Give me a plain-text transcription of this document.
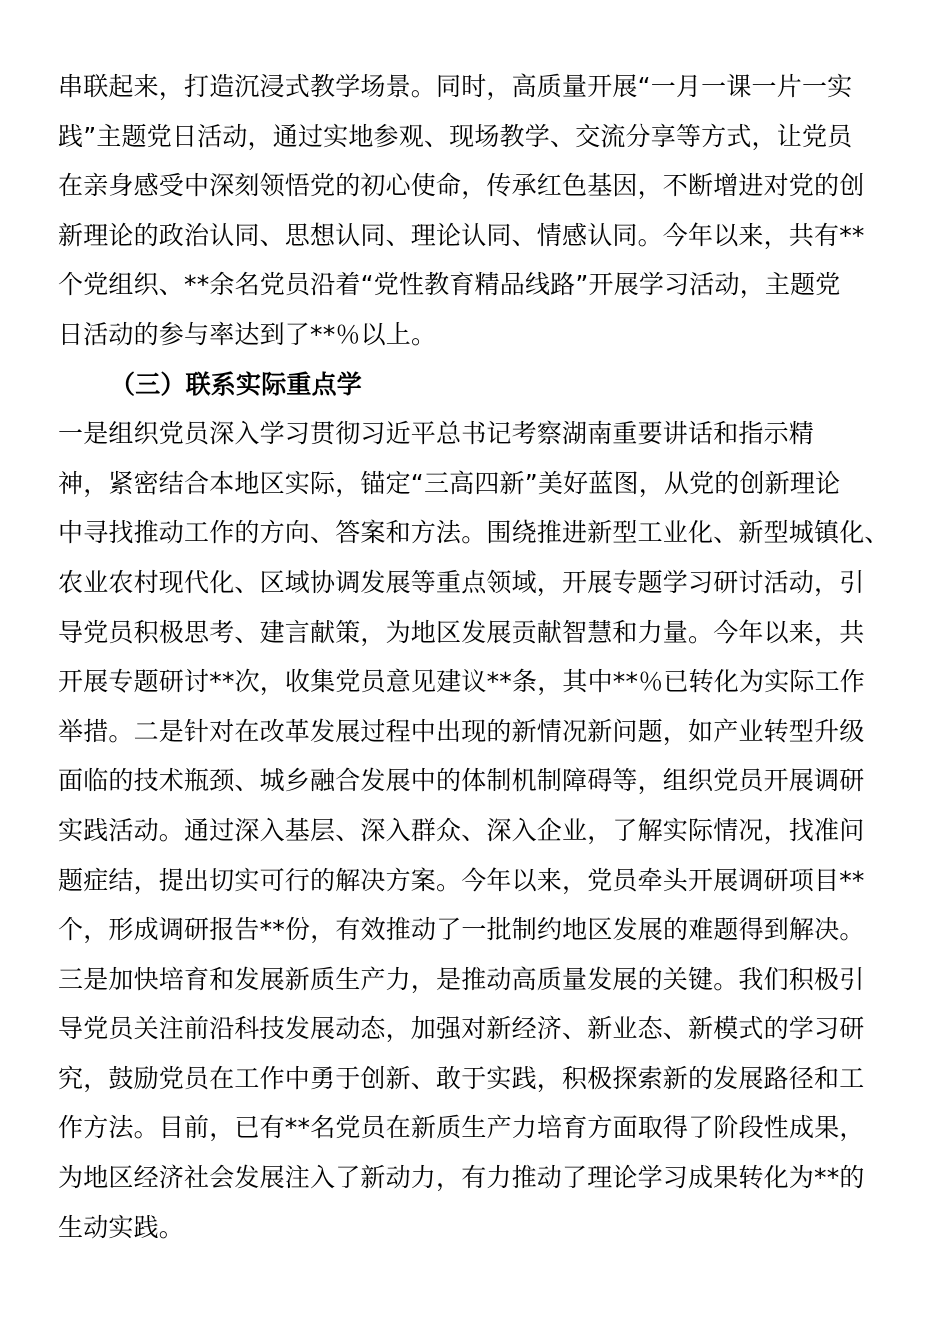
串联起来，打造沉浸式教学场景。同时，高质量开展“一月一课一片一实
践”主题党日活动，通过实地参观、现场教学、交流分享等方式，让党员
在亲身感受中深刻领悟党的初心使命，传承红色基因，不断增进对党的创
新理论的政治认同、思想认同、理论认同、情感认同。今年以来，共有**
个党组织、**余名党员沿着“党性教育精品线路”开展学习活动，主题党
日活动的参与率达到了**％以上。
（三）联系实际重点学
一是组织党员深入学习贯彻习近平总书记考察湖南重要讲话和指示精
神，紧密结合本地区实际，锚定“三高四新”美好蓝图，从党的创新理论
中寻找推动工作的方向、答案和方法。围绕推进新型工业化、新型城镇化、
农业农村现代化、区域协调发展等重点领域，开展专题学习研讨活动，引
导党员积极思考、建言献策，为地区发展贡献智慧和力量。今年以来，共
开展专题研讨**次，收集党员意见建议**条，其中**％已转化为实际工作
举措。二是针对在改革发展过程中出现的新情况新问题，如产业转型升级
面临的技术瓶颈、城乡融合发展中的体制机制障碍等，组织党员开展调研
实践活动。通过深入基层、深入群众、深入企业，了解实际情况，找准问
题症结，提出切实可行的解决方案。今年以来，党员牵头开展调研项目**
个，形成调研报告**份，有效推动了一批制约地区发展的难题得到解决。
三是加快培育和发展新质生产力，是推动高质量发展的关键。我们积极引
导党员关注前沿科技发展动态，加强对新经济、新业态、新模式的学习研
究，鼓励党员在工作中勇于创新、敢于实践，积极探索新的发展路径和工
作方法。目前，已有**名党员在新质生产力培育方面取得了阶段性成果，
为地区经济社会发展注入了新动力，有力推动了理论学习成果转化为**的
生动实践。
